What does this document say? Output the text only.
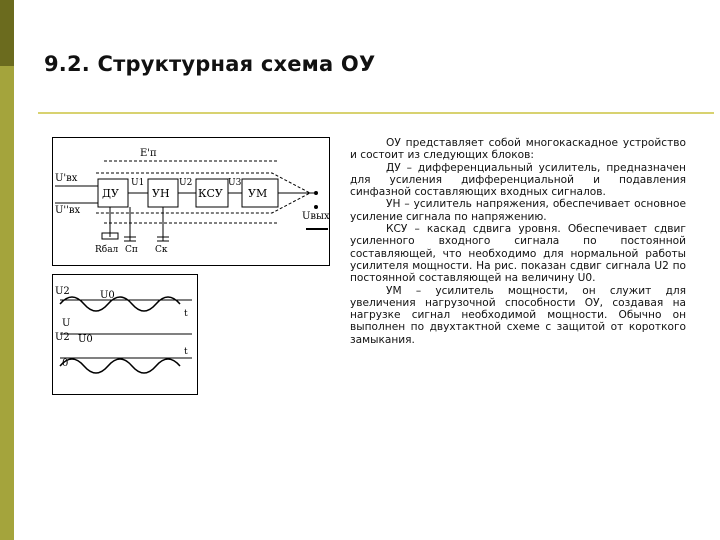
9.2. Структурная схема ОУ
Е'п
U'вх
U''вх
ДУ
U1
УН
U2
КСУ
U3
УМ
Uвых
Rбал Сп Ск
U2	U0
t
U
U2 U0
0
t

ОУ представляет собой многокаскадное устройство и состоит из следующих блоков:

ДУ – дифференциальный усилитель, предназначен для усиления дифференциальной и подавления синфазной составляющих входных сигналов.

УН – усилитель напряжения, обеспечивает основное усиление сигнала по напряжению.

КСУ – каскад сдвига уровня. Обеспечивает сдвиг усиленного входного сигнала по постоянной составляющей, что необходимо для нормальной работы усилителя мощности. На рис. показан сдвиг сигнала U2 по постоянной составляющей на величину U0.

УМ – усилитель мощности, он служит для увеличения нагрузочной способности ОУ, создавая на нагрузке сигнал необходимой мощности. Обычно он выполнен по двухтактной схеме с защитой от короткого замыкания.
